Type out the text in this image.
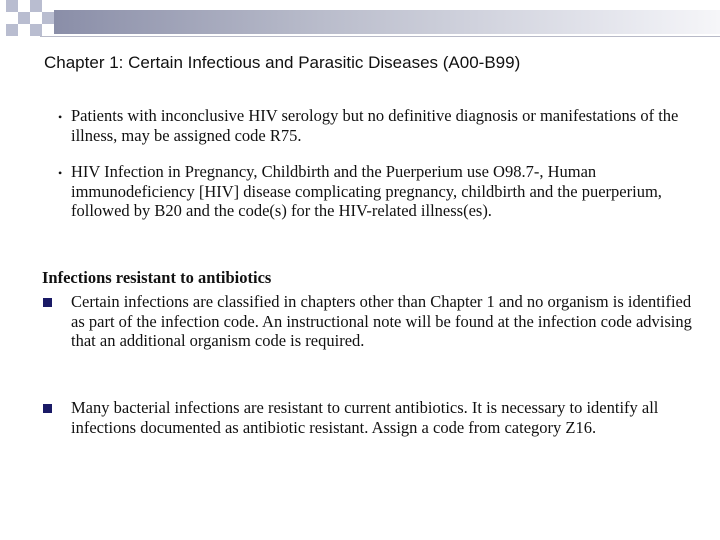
Chapter 1: Certain Infectious and Parasitic Diseases (A00-B99)
• Patients with inconclusive HIV serology but no definitive diagnosis or manifestations of the illness, may be assigned code R75.

• HIV Infection in Pregnancy, Childbirth and the Puerperium use O98.7-, Human immunodeficiency [HIV] disease complicating pregnancy, childbirth and the puerperium, followed by B20 and the code(s) for the HIV-related illness(es).

Infections resistant to antibiotics

Certain infections are classified in chapters other than Chapter 1 and no organism is identified as part of the infection code. An instructional note will be found at the infection code advising that an additional organism code is required.

Many bacterial infections are resistant to current antibiotics. It is necessary to identify all infections documented as antibiotic resistant. Assign a code from category Z16.
